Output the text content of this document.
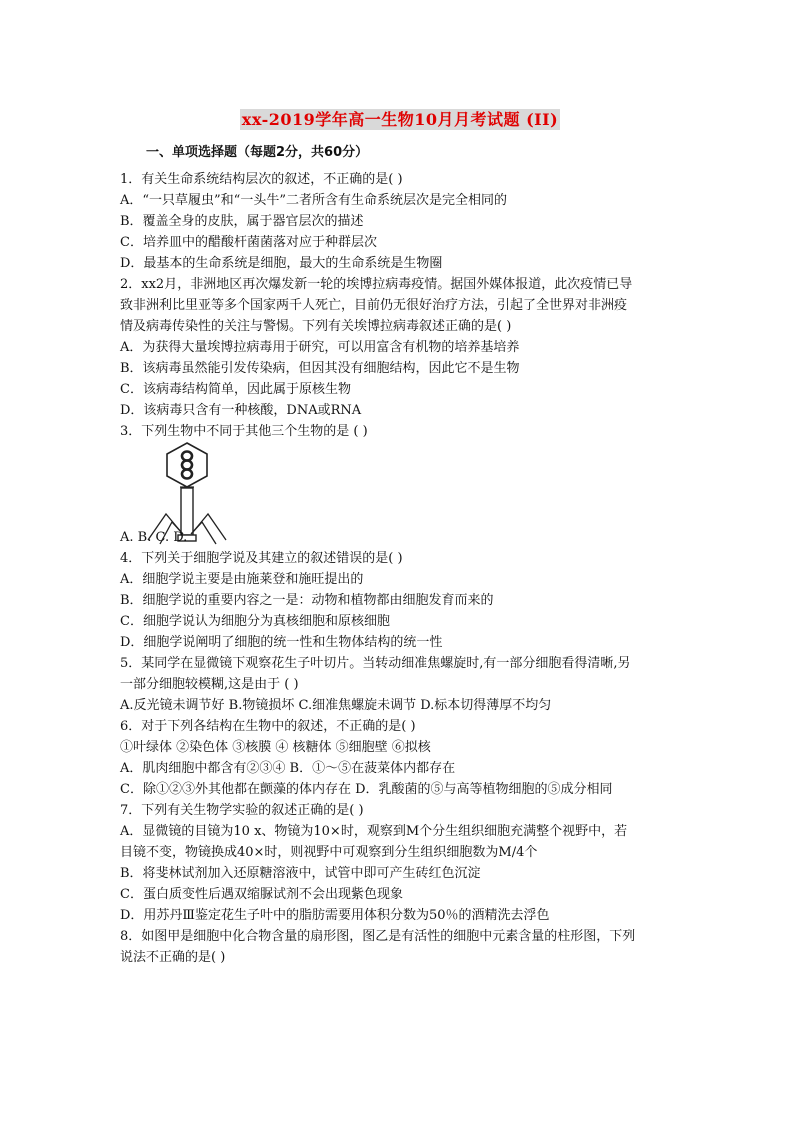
xx-2019学年高一生物10月月考试题 (II)
一、单项选择题（每题2分，共60分）
1．有关生命系统结构层次的叙述，不正确的是( )
A．“一只草履虫”和“一头牛”二者所含有生命系统层次是完全相同的
B．覆盖全身的皮肤，属于器官层次的描述
C．培养皿中的醋酸杆菌菌落对应于种群层次
D．最基本的生命系统是细胞，最大的生命系统是生物圈
2．xx2月，非洲地区再次爆发新一轮的埃博拉病毒疫情。据国外媒体报道，此次疫情已导
致非洲利比里亚等多个国家两千人死亡，目前仍无很好治疗方法，引起了全世界对非洲疫
情及病毒传染性的关注与警惕。下列有关埃博拉病毒叙述正确的是( )
A．为获得大量埃博拉病毒用于研究，可以用富含有机物的培养基培养
B．该病毒虽然能引发传染病，但因其没有细胞结构，因此它不是生物
C．该病毒结构简单，因此属于原核生物
D．该病毒只含有一种核酸，DNA或RNA
3．下列生物中不同于其他三个生物的是 ( )
A. B. C. D.
4．下列关于细胞学说及其建立的叙述错误的是( )
A．细胞学说主要是由施莱登和施旺提出的
B．细胞学说的重要内容之一是：动物和植物都由细胞发育而来的
C．细胞学说认为细胞分为真核细胞和原核细胞
D．细胞学说阐明了细胞的统一性和生物体结构的统一性
5．某同学在显微镜下观察花生子叶切片。当转动细准焦螺旋时,有一部分细胞看得清晰,另
一部分细胞较模糊,这是由于 ( )
A.反光镜未调节好 B.物镜损坏 C.细准焦螺旋未调节 D.标本切得薄厚不均匀
6．对于下列各结构在生物中的叙述，不正确的是( )
①叶绿体 ②染色体 ③核膜 ④ 核糖体 ⑤细胞壁 ⑥拟核
A．肌肉细胞中都含有②③④ B．①～⑤在菠菜体内都存在
C．除①②③外其他都在颤藻的体内存在 D．乳酸菌的⑤与高等植物细胞的⑤成分相同
7．下列有关生物学实验的叙述正确的是( )
A．显微镜的目镜为10 x、物镜为10×时，观察到M个分生组织细胞充满整个视野中，若
目镜不变，物镜换成40×时，则视野中可观察到分生组织细胞数为M/4个
B．将斐林试剂加入还原糖溶液中，试管中即可产生砖红色沉淀
C．蛋白质变性后遇双缩脲试剂不会出现紫色现象
D．用苏丹Ⅲ鉴定花生子叶中的脂肪需要用体积分数为50％的酒精洗去浮色
8．如图甲是细胞中化合物含量的扇形图，图乙是有活性的细胞中元素含量的柱形图，下列
说法不正确的是( )
